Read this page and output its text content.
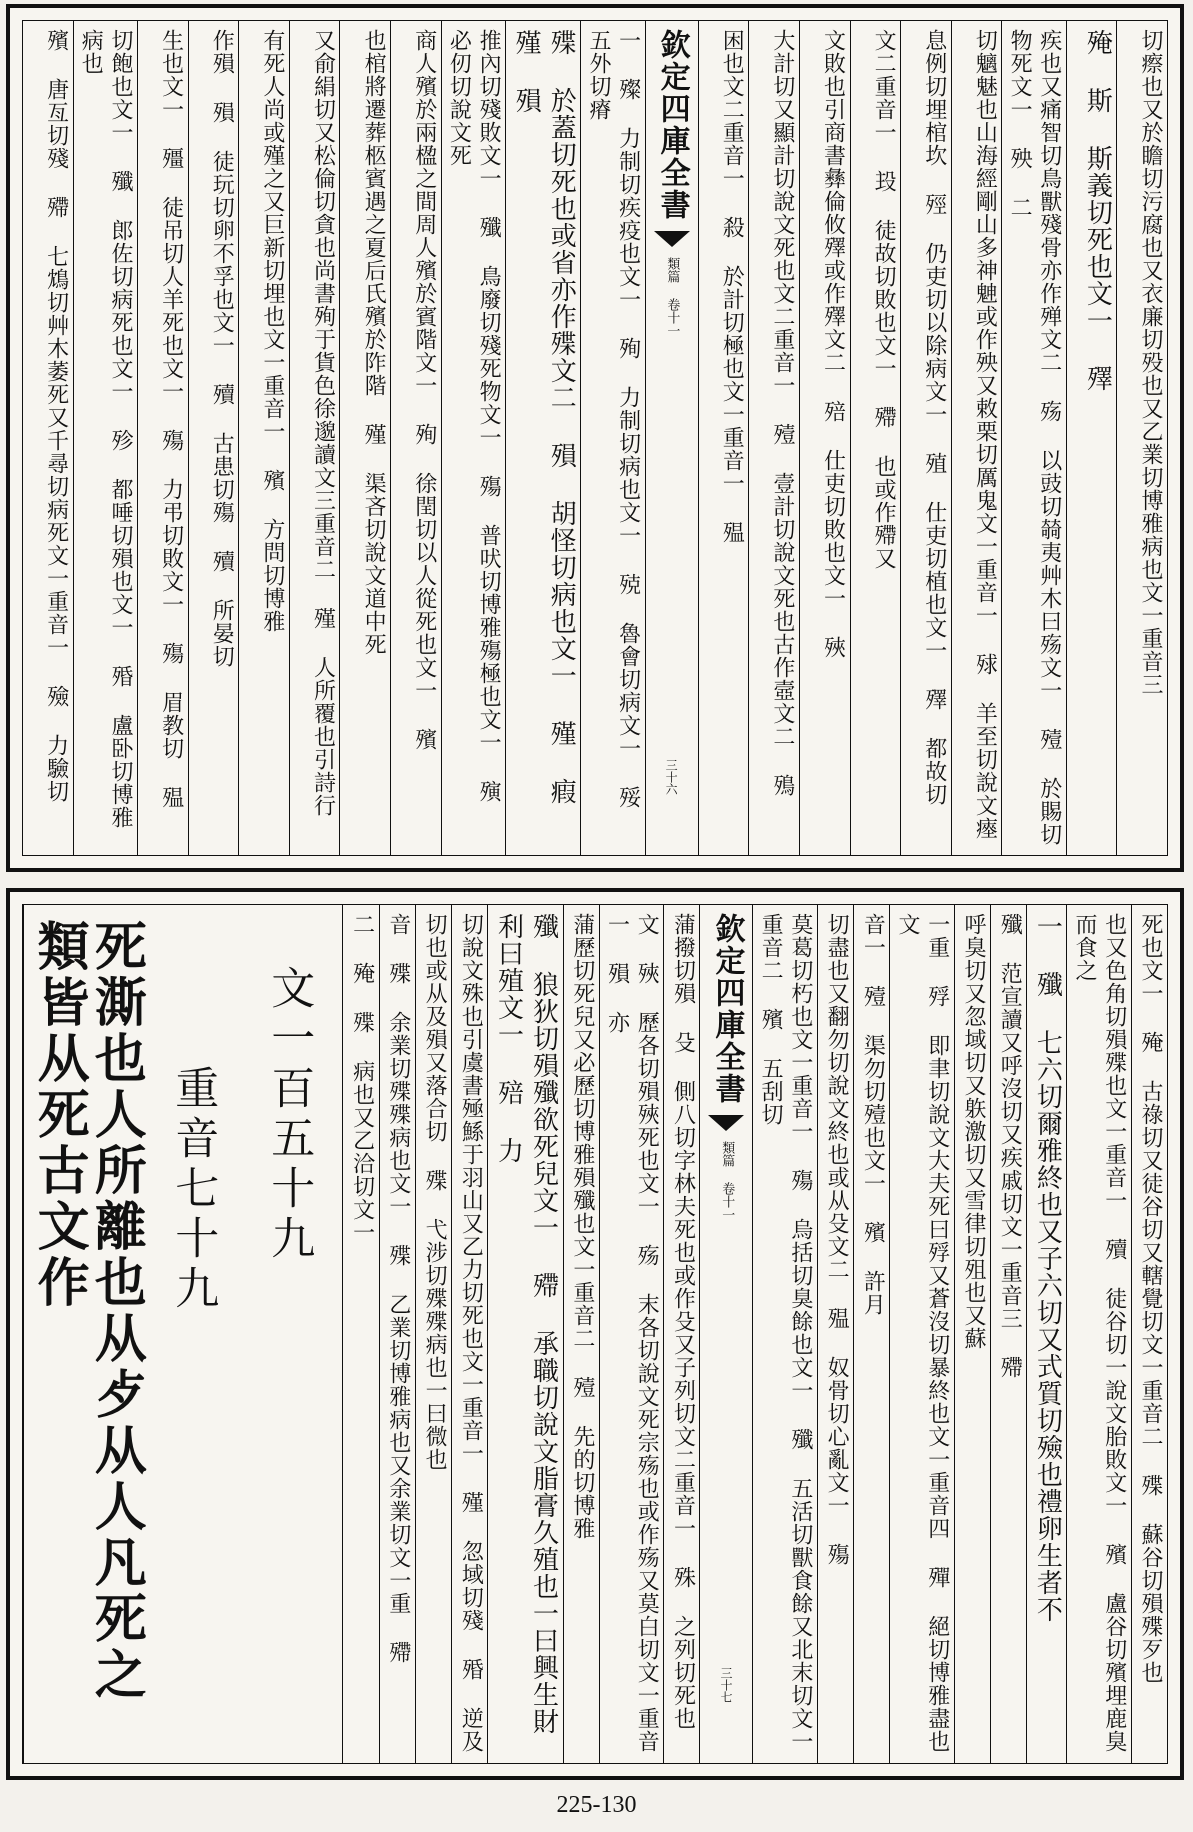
切瘵也又於瞻切污腐也又衣廉切殁也又乙業切博雅病也文一重音三
殗 斯 斯義切死也文一 殬
疾也又痛智切鳥獸殘骨亦作殚文二 殇 以豉切㚡夷艸木曰殇文一 殪 於賜切物死文一 殃 二
切魑魅也山海經剛山多神䰠或作殃又敕栗切厲鬼文一重音一 殏 羊至切說文瘞
息例切埋棺坎 殌 仍吏切以除病文一 殖 仕吏切植也文一 殬 都故切
文二重音一 殶 徒故切敗也文一 殢 也或作殢又
文敗也引商書彝倫攸殬或作殬文二 殕 仕吏切敗也文一 殎
大計切又顯計切說文死也文二重音一 殪 壹計切說文死也古作壼文二 殦
困也文二重音一 殺 於計切極也文一重音一 殟
欽定四庫全書
類篇 卷十一
三十六
一 殩 力制切疾疫也文一 殉 力制切病也文一 殑 魯會切病文一 㱣 五外切瘠
殜 於蓋切死也或省亦作殜文二 殞 胡怪切病也文一 殣 瘕 殣 殞
推內切殘敗文一 殲 鳥廢切殘死物文一 殤 普吠切博雅殤極也文一 殥 必仞切說文死
商人殯於兩楹之間周人殯於賓階文一 殉 徐閏切以人從死也文一 殯
也棺將遷葬柩賓遇之夏后氏殯於阼階 殣 渠吝切說文道中死
又俞絹切又松倫切貪也尚書殉于貨色徐邈讀文三重音二 殣 人所覆也引詩行
有死人尚或殣之又巨新切埋也文一重音一 殯 方問切博雅
作殞 殞 徒玩切卵不孚也文一 殰 古患切殤 殰 所晏切
生也文一 殭 徒吊切人羊死也文一 殤 力弔切敗文一 殤 眉教切 殟
切飽也文一 殲 郎佐切病死也文一 殄 都唾切殞也文一 殙 盧卧切博雅病也
殯 唐亙切殘 殢 七鴆切艸木萎死又千尋切病死文一重音一 殮 力驗切
死也文一 殗 古祿切又徒谷切又轄覺切文一重音二 殜 蘇谷切殞殜歹也
也又色角切殞殜也文一重音一 殰 徒谷切一說文胎敗文一 殯 盧谷切殯埋鹿臭而食之
一 殲 七六切爾雅終也又子六切又式質切殮也禮卵生者不
殲 范宣讀又呼沒切又疾戚切文一重音三 殢
呼臭切又忽域切又䠶激切又雪律切殂也又蘇
一重 殍 即聿切說文大夫死曰殍又蒼沒切暴終也文一重音四 殫 絕切博雅盡也文
音一 殪 渠勿切殪也文一 殯 許月
切盡也又翻勿切說文終也或从殳文二 殟 奴骨切心亂文一 殤
莫葛切朽也文一重音一 殤 烏括切臭餘也文一 殲 五活切獸食餘又北末切文一重音二 殯 五刮切
欽定四庫全書
類篇 卷十一
三十七
蒲撥切殞 殳 側八切字林夫死也或作殳又子列切文二重音一 殊 之列切死也
文 殎 歷各切殞殎死也文一 殇 末各切說文死宗殇也或作殇又莫白切文一重音一 殞 亦
蒲歷切死兒又必歷切博雅殞殲也文一重音二 殪 先的切博雅
殲 狼狄切殞殲欲死兒文一 殢 承職切說文脂膏久殖也一曰興生財利曰殖文一 殕 力
切說文殊也引虞書殛鯀于羽山又乙力切死也文一重音一 殣 忽域切殘 殙 逆及
切也或从及殞又落合切 殜 弋涉切殜殜病也一曰微也
音 殜 余業切殜殜病也文一 殜 乙業切博雅病也又余業切文一重 殢
二 殗 殜 病也又乙洽切文一
文一百五十九
重音七十九
死澌也人所離也从歺从人凡死之類皆从死古文作
225-130
